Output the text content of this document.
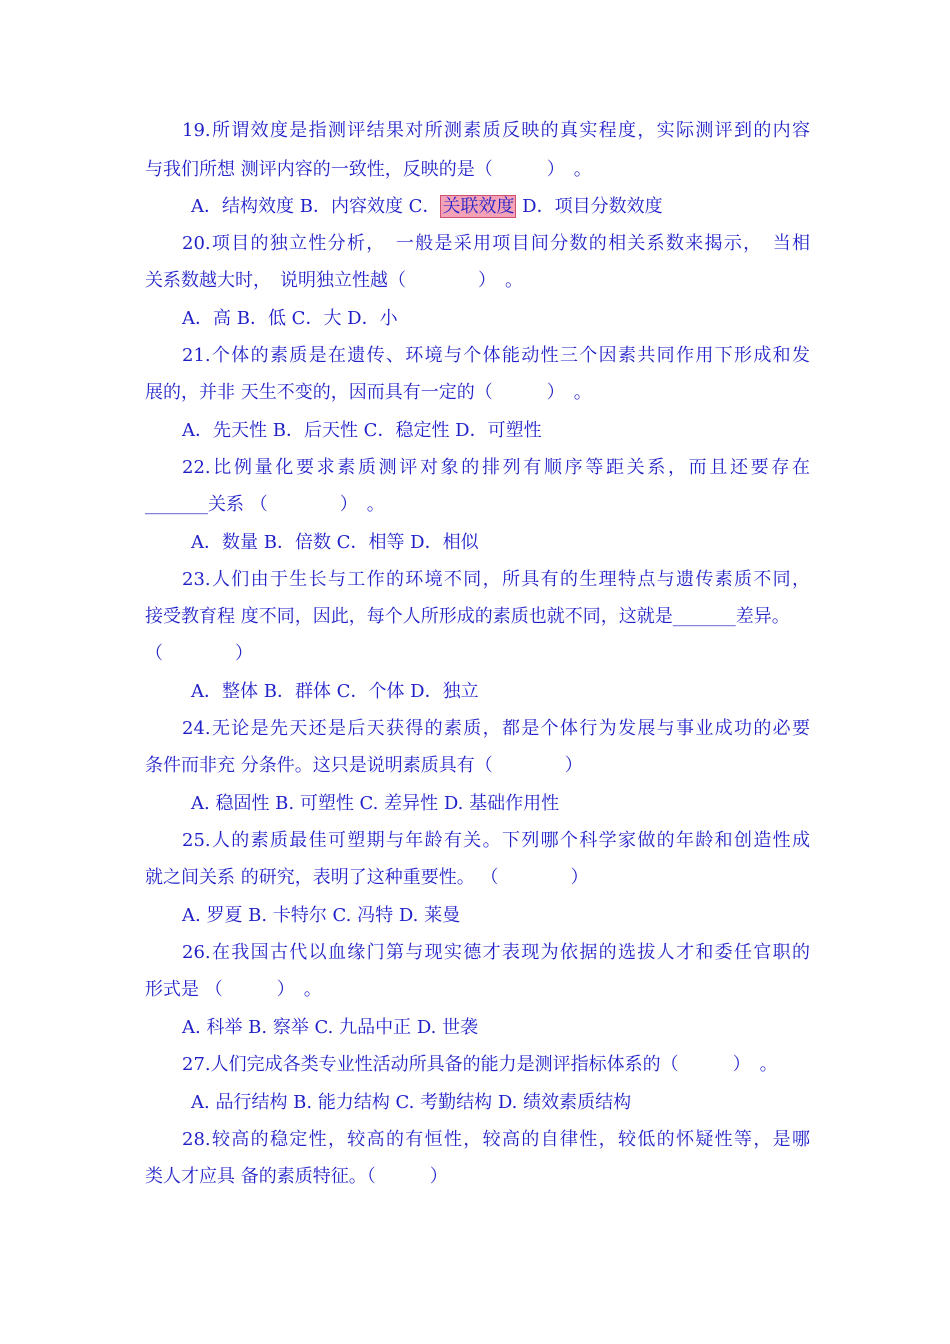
19.所谓效度是指测评结果对所测素质反映的真实程度，实际测评到的内容
与我们所想 测评内容的一致性，反映的是（　　　）　。
A．结构效度 B．内容效度 C． 关联效度 D．项目分数效度
20.项目的独立性分析，　一般是采用项目间分数的相关系数来揭示，　当相
关系数越大时，　说明独立性越（　　　　）　。
A．高 B．低 C．大 D．小
21.个体的素质是在遗传、环境与个体能动性三个因素共同作用下形成和发
展的，并非 天生不变的，因而具有一定的（　　　）　。
A．先天性 B．后天性 C．稳定性 D．可塑性
22.比例量化要求素质测评对象的排列有顺序等距关系，而且还要存在
_______关系 （　　　　）　。
A．数量 B．倍数 C．相等 D．相似
23.人们由于生长与工作的环境不同，所具有的生理特点与遗传素质不同，
接受教育程 度不同，因此，每个人所形成的素质也就不同，这就是_______差异。
（　　　　）
A．整体 B．群体 C．个体 D．独立
24.无论是先天还是后天获得的素质，都是个体行为发展与事业成功的必要
条件而非充 分条件。这只是说明素质具有（　　　　）
A. 稳固性 B. 可塑性 C. 差异性 D. 基础作用性
25.人的素质最佳可塑期与年龄有关。下列哪个科学家做的年龄和创造性成
就之间关系 的研究，表明了这种重要性。 （　　　　）
A. 罗夏 B. 卡特尔 C. 冯特 D. 莱曼
26.在我国古代以血缘门第与现实德才表现为依据的选拔人才和委任官职的
形式是 （　　　）　。
A. 科举 B. 察举 C. 九品中正 D. 世袭
27.人们完成各类专业性活动所具备的能力是测评指标体系的（　　　）　。
A. 品行结构 B. 能力结构 C. 考勤结构 D. 绩效素质结构
28.较高的稳定性，较高的有恒性，较高的自律性，较低的怀疑性等，是哪
类人才应具 备的素质特征。（　　　）
